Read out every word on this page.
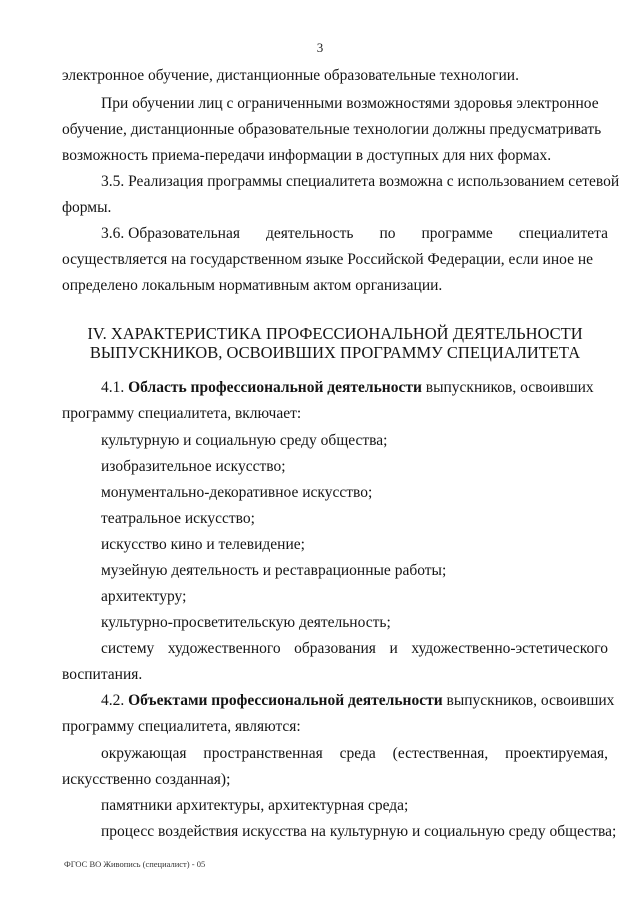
3
электронное обучение, дистанционные образовательные технологии.
При обучении лиц с ограниченными возможностями здоровья электронное
обучение, дистанционные образовательные технологии должны предусматривать
возможность приема-передачи информации в доступных для них формах.
3.5. Реализация программы специалитета возможна с использованием сетевой
формы.
3.6. Образовательная деятельность по программе специалитета
осуществляется на государственном языке Российской Федерации, если иное не
определено локальным нормативным актом организации.
IV. ХАРАКТЕРИСТИКА ПРОФЕССИОНАЛЬНОЙ ДЕЯТЕЛЬНОСТИ
ВЫПУСКНИКОВ, ОСВОИВШИХ ПРОГРАММУ СПЕЦИАЛИТЕТА
4.1. Область профессиональной деятельности выпускников, освоивших
программу специалитета, включает:
культурную и социальную среду общества;
изобразительное искусство;
монументально-декоративное искусство;
театральное искусство;
искусство кино и телевидение;
музейную деятельность и реставрационные работы;
архитектуру;
культурно-просветительскую деятельность;
систему художественного образования и художественно-эстетического
воспитания.
4.2. Объектами профессиональной деятельности выпускников, освоивших
программу специалитета, являются:
окружающая пространственная среда (естественная, проектируемая,
искусственно созданная);
памятники архитектуры, архитектурная среда;
процесс воздействия искусства на культурную и социальную среду общества;
ФГОС ВО Живопись (специалист) - 05
